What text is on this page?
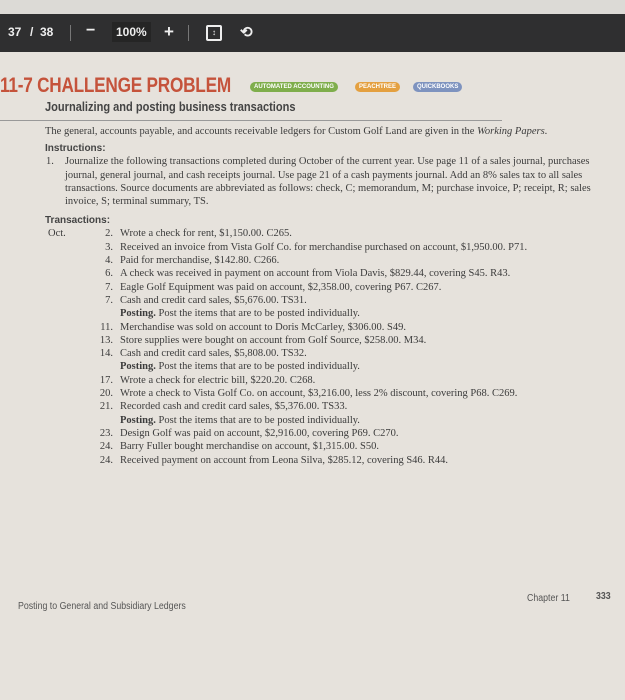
37 / 38 −	100% +	↕	⟲
11-7 CHALLENGE PROBLEM	AUTOMATED ACCOUNTING	PEACHTREE	QUICKBOOKS
Journalizing and posting business transactions
The general, accounts payable, and accounts receivable ledgers for Custom Golf Land are given in the Working Papers.
Instructions:
1. Journalize the following transactions completed during October of the current year. Use page 11 of a sales journal, purchases journal, general journal, and cash receipts journal. Use page 21 of a cash payments journal. Add an 8% sales tax to all sales transactions. Source documents are abbreviated as follows: check, C; memorandum, M; purchase invoice, P; receipt, R; sales invoice, S; terminal summary, TS.
Transactions:
Oct.	2. Wrote a check for rent, $1,150.00. C265.
3. Received an invoice from Vista Golf Co. for merchandise purchased on account, $1,950.00. P71.
4. Paid for merchandise, $142.80. C266.
6. A check was received in payment on account from Viola Davis, $829.44, covering S45. R43.
7. Eagle Golf Equipment was paid on account, $2,358.00, covering P67. C267.
7. Cash and credit card sales, $5,676.00. TS31.
Posting. Post the items that are to be posted individually.
11. Merchandise was sold on account to Doris McCarley, $306.00. S49.
13. Store supplies were bought on account from Golf Source, $258.00. M34.
14. Cash and credit card sales, $5,808.00. TS32.
Posting. Post the items that are to be posted individually.
17. Wrote a check for electric bill, $220.20. C268.
20. Wrote a check to Vista Golf Co. on account, $3,216.00, less 2% discount, covering P68. C269.
21. Recorded cash and credit card sales, $5,376.00. TS33.
Posting. Post the items that are to be posted individually.
23. Design Golf was paid on account, $2,916.00, covering P69. C270.
24. Barry Fuller bought merchandise on account, $1,315.00. S50.
24. Received payment on account from Leona Silva, $285.12, covering S46. R44.
Posting to General and Subsidiary Ledgers
Chapter 11	333
